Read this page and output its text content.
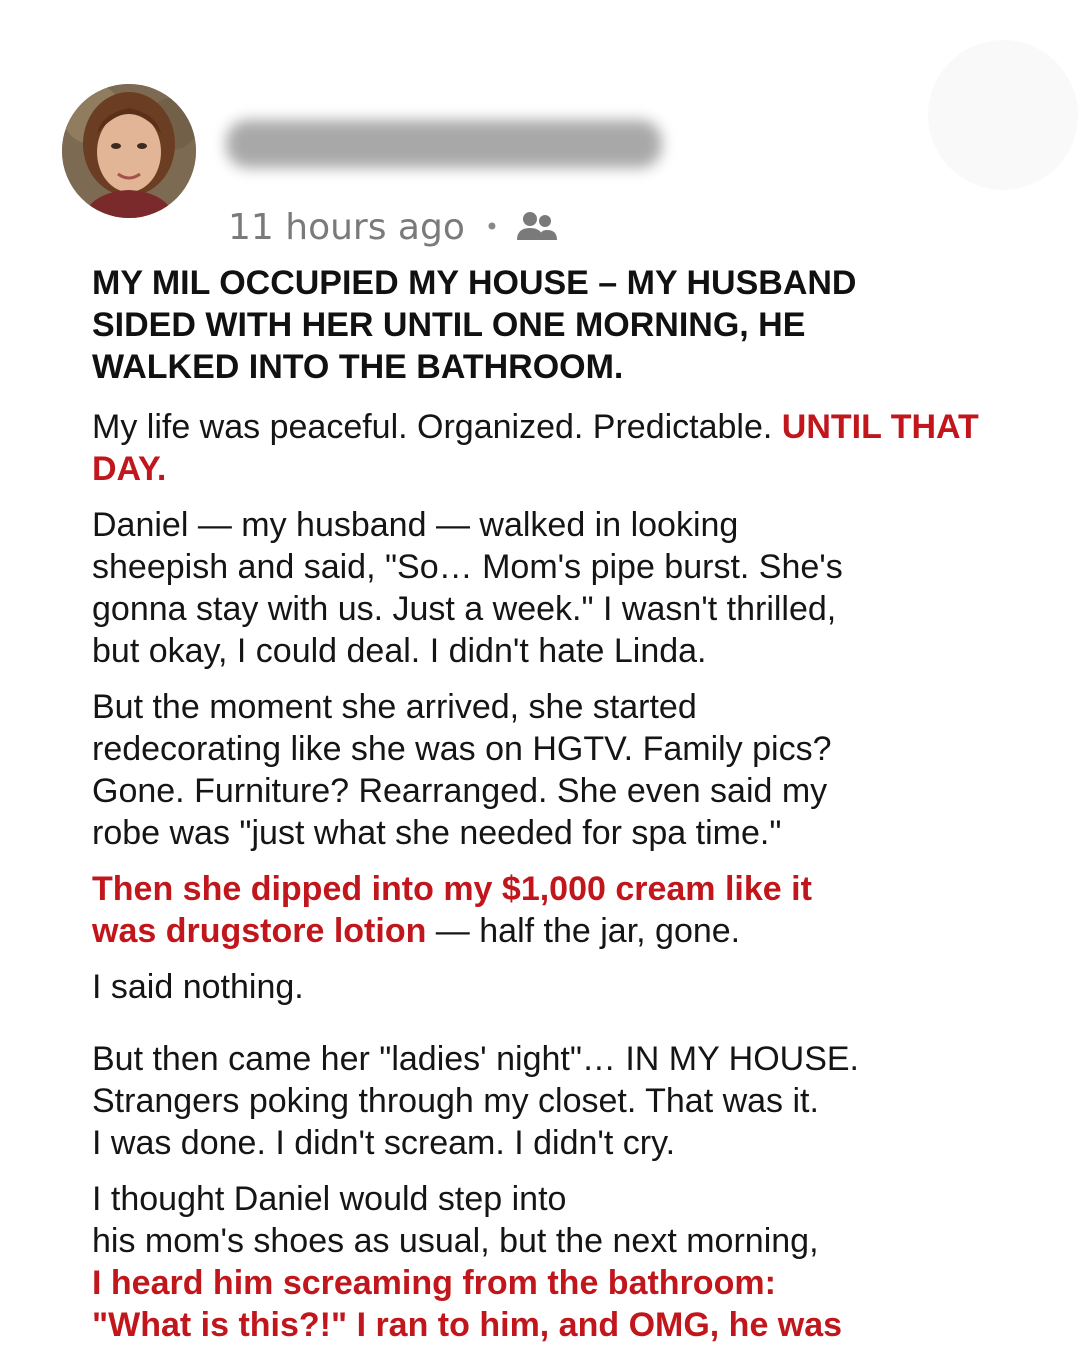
11 hours ago •
MY MIL OCCUPIED MY HOUSE – MY HUSBAND
SIDED WITH HER UNTIL ONE MORNING, HE
WALKED INTO THE BATHROOM.
My life was peaceful. Organized. Predictable. UNTIL THAT DAY.
Daniel — my husband — walked in looking
sheepish and said, "So… Mom's pipe burst. She's
gonna stay with us. Just a week." I wasn't thrilled,
but okay, I could deal. I didn't hate Linda.
But the moment she arrived, she started
redecorating like she was on HGTV. Family pics?
Gone. Furniture? Rearranged. She even said my
robe was "just what she needed for spa time."
Then she dipped into my $1,000 cream like it
was drugstore lotion — half the jar, gone.
I said nothing.
But then came her "ladies' night"… IN MY HOUSE.
Strangers poking through my closet. That was it.
I was done. I didn't scream. I didn't cry.
I thought Daniel would step into
his mom's shoes as usual, but the next morning,
I heard him screaming from the bathroom:
"What is this?!" I ran to him, and OMG, he was
